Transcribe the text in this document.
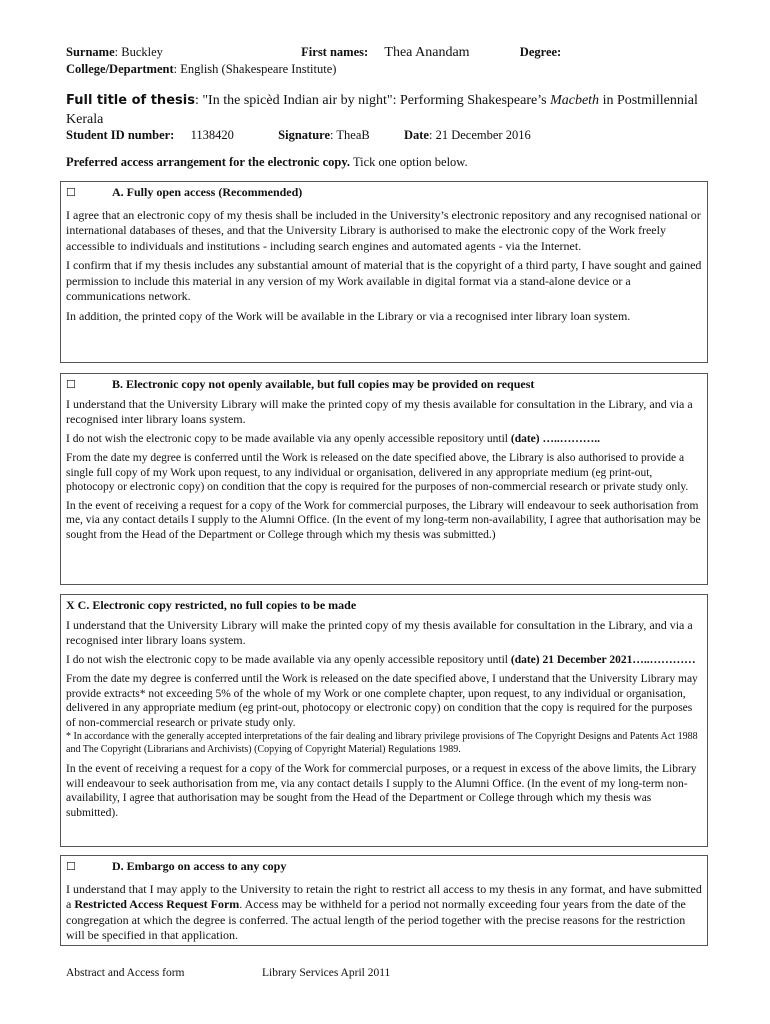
Surname: Buckley	First names: Thea Anandam	Degree:
College/Department: English (Shakespeare Institute)
Full title of thesis: "In the spicèd Indian air by night": Performing Shakespeare’s Macbeth in Postmillennial Kerala
Student ID number: 1138420	Signature: TheaB	Date: 21 December 2016
Preferred access arrangement for the electronic copy. Tick one option below.

☐	A. Fully open access (Recommended)

I agree that an electronic copy of my thesis shall be included in the University’s electronic repository and any recognised national or international databases of theses, and that the University Library is authorised to make the electronic copy of the Work freely accessible to individuals and institutions - including search engines and automated agents - via the Internet.

I confirm that if my thesis includes any substantial amount of material that is the copyright of a third party, I have sought and gained permission to include this material in any version of my Work available in digital format via a stand-alone device or a communications network.

In addition, the printed copy of the Work will be available in the Library or via a recognised inter library loan system.

☐	B. Electronic copy not openly available, but full copies may be provided on request

I understand that the University Library will make the printed copy of my thesis available for consultation in the Library, and via a recognised inter library loans system.

I do not wish the electronic copy to be made available via any openly accessible repository until (date) …..………..

From the date my degree is conferred until the Work is released on the date specified above, the Library is also authorised to provide a single full copy of my Work upon request, to any individual or organisation, delivered in any appropriate medium (eg print-out, photocopy or electronic copy) on condition that the copy is required for the purposes of non-commercial research or private study only.

In the event of receiving a request for a copy of the Work for commercial purposes, the Library will endeavour to seek authorisation from me, via any contact details I supply to the Alumni Office. (In the event of my long-term non-availability, I agree that authorisation may be sought from the Head of the Department or College through which my thesis was submitted.)

X C. Electronic copy restricted, no full copies to be made

I understand that the University Library will make the printed copy of my thesis available for consultation in the Library, and via a recognised inter library loans system.

I do not wish the electronic copy to be made available via any openly accessible repository until (date) 21 December 2021…..…………

From the date my degree is conferred until the Work is released on the date specified above, I understand that the University Library may provide extracts* not exceeding 5% of the whole of my Work or one complete chapter, upon request, to any individual or organisation, delivered in any appropriate medium (eg print-out, photocopy or electronic copy) on condition that the copy is required for the purposes of non-commercial research or private study only.

* In accordance with the generally accepted interpretations of the fair dealing and library privilege provisions of The Copyright Designs and Patents Act 1988 and The Copyright (Librarians and Archivists) (Copying of Copyright Material) Regulations 1989.

In the event of receiving a request for a copy of the Work for commercial purposes, or a request in excess of the above limits, the Library will endeavour to seek authorisation from me, via any contact details I supply to the Alumni Office. (In the event of my long-term non-availability, I agree that authorisation may be sought from the Head of the Department or College through which my thesis was submitted).

☐	D. Embargo on access to any copy

I understand that I may apply to the University to retain the right to restrict all access to my thesis in any format, and have submitted a Restricted Access Request Form. Access may be withheld for a period not normally exceeding four years from the date of the congregation at which the degree is conferred. The actual length of the period together with the precise reasons for the restriction will be specified in that application.

Abstract and Access form	Library Services April 2011
